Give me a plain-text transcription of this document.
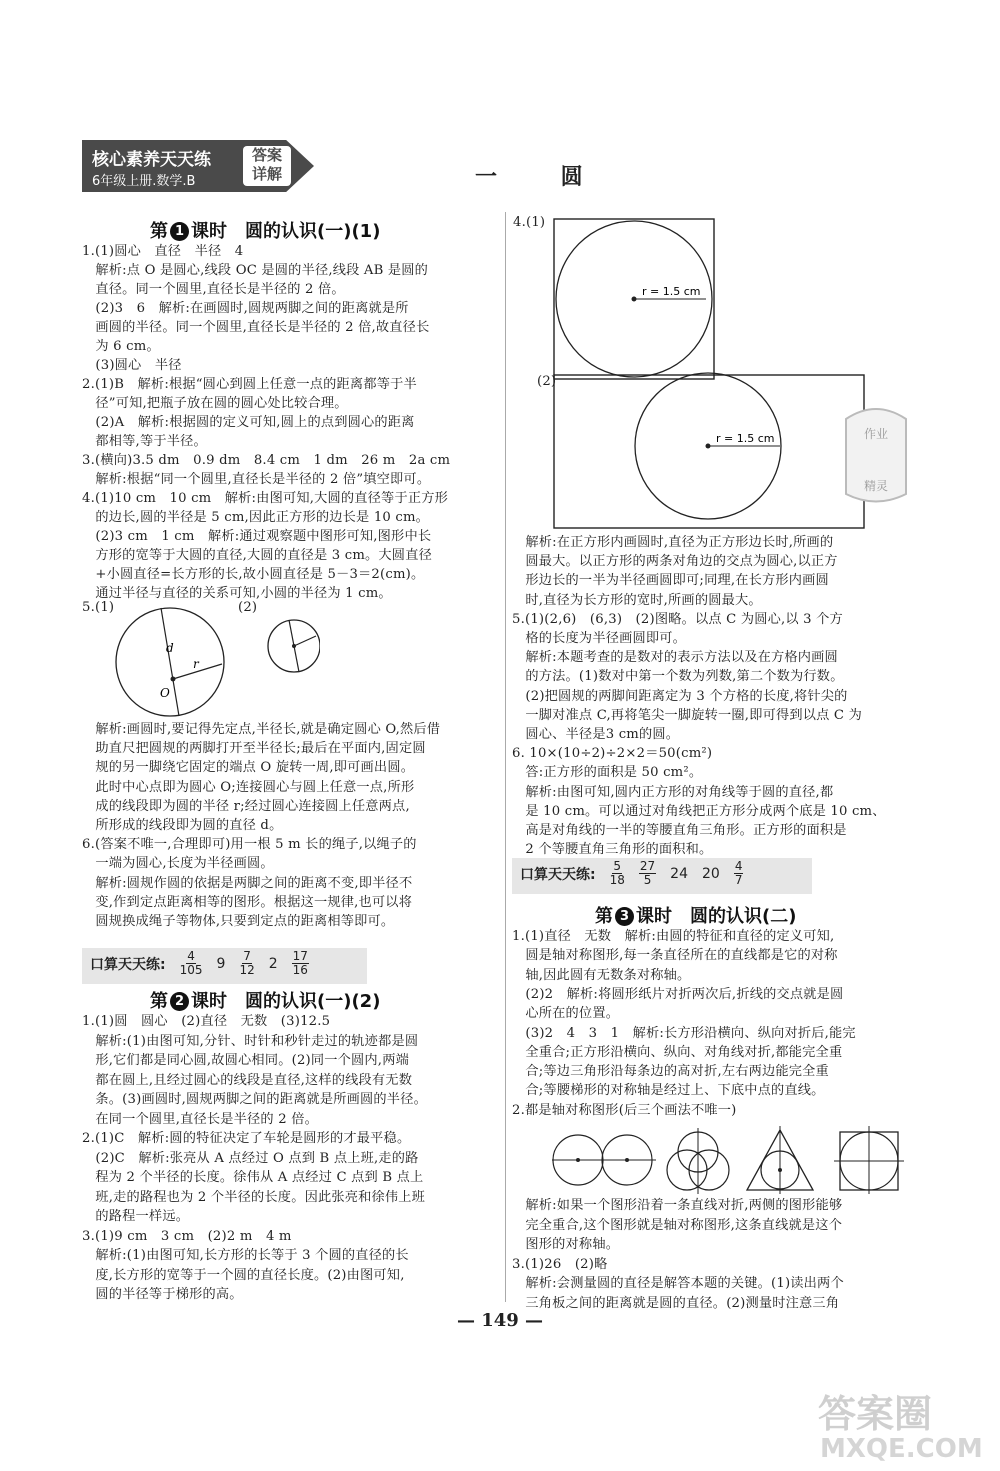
核心素养天天练
6年级上册.数学.B
答案
详解	一 圆
第 1 课时　圆的认识(一)(1)
1.(1)圆心　直径　半径　4
　解析:点 O 是圆心,线段 OC 是圆的半径,线段 AB 是圆的
　直径。同一个圆里,直径长是半径的 2 倍。
　(2)3　6　解析:在画圆时,圆规两脚之间的距离就是所
　画圆的半径。同一个圆里,直径长是半径的 2 倍,故直径长
　为 6 cm。
　(3)圆心　半径
2.(1)B　解析:根据“圆心到圆上任意一点的距离都等于半
　径”可知,把瓶子放在圆的圆心处比较合理。
　(2)A　解析:根据圆的定义可知,圆上的点到圆心的距离
　都相等,等于半径。
3.(横向)3.5 dm　0.9 dm　8.4 cm　1 dm　26 m　2a cm
　解析:根据“同一个圆里,直径长是半径的 2 倍”填空即可。
4.(1)10 cm　10 cm　解析:由图可知,大圆的直径等于正方形
　的边长,圆的半径是 5 cm,因此正方形的边长是 10 cm。
　(2)3 cm　1 cm　解析:通过观察题中图形可知,图形中长
　方形的宽等于大圆的直径,大圆的直径是 3 cm。大圆直径
　+小圆直径=长方形的长,故小圆直径是 5－3＝2(cm)。
　通过半径与直径的关系可知,小圆的半径为 1 cm。
5.(1)	(2)
d
r
O
　解析:画圆时,要记得先定点,半径长,就是确定圆心 O,然后借
　助直尺把圆规的两脚打开至半径长;最后在平面内,固定圆
　规的另一脚绕它固定的端点 O 旋转一周,即可画出圆。
　此时中心点即为圆心 O;连接圆心与圆上任意一点,所形
　成的线段即为圆的半径 r;经过圆心连接圆上任意两点,
　所形成的线段即为圆的直径 d。
6.(答案不唯一,合理即可)用一根 5 m 长的绳子,以绳子的
　一端为圆心,长度为半径画圆。
　解析:圆规作圆的依据是两脚之间的距离不变,即半径不
　变,作到定点距离相等的图形。根据这一规律,也可以将
　圆规换成绳子等物体,只要到定点的距离相等即可。
口算天天练: $\frac{4}{105} 9 \frac{7}{12} 2 \frac{17}{16}$
第 2 课时　圆的认识(一)(2)
1.(1)圆　圆心　(2)直径　无数　(3)12.5
　解析:(1)由图可知,分针、时针和秒针走过的轨迹都是圆
　形,它们都是同心圆,故圆心相同。(2)同一个圆内,两端
　都在圆上,且经过圆心的线段是直径,这样的线段有无数
　条。(3)画圆时,圆规两脚之间的距离就是所画圆的半径。
　在同一个圆里,直径长是半径的 2 倍。
2.(1)C　解析:圆的特征决定了车轮是圆形的才最平稳。
　(2)C　解析:张亮从 A 点经过 O 点到 B 点上班,走的路
　程为 2 个半径的长度。徐伟从 A 点经过 C 点到 B 点上
　班,走的路程也为 2 个半径的长度。因此张亮和徐伟上班
　的路程一样远。
3.(1)9 cm　3 cm　(2)2 m　4 m
　解析:(1)由图可知,长方形的长等于 3 个圆的直径的长
　度,长方形的宽等于一个圆的直径长度。(2)由图可知,
　圆的半径等于梯形的高。
4.(1)
r = 1.5 cm
(2)
r = 1.5 cm	作业
精灵
　解析:在正方形内画圆时,直径为正方形边长时,所画的
　圆最大。以正方形的两条对角边的交点为圆心,以正方
　形边长的一半为半径画圆即可;同理,在长方形内画圆
　时,直径为长方形的宽时,所画的圆最大。
5.(1)(2,6)　(6,3)　(2)图略。以点 C 为圆心,以 3 个方
　格的长度为半径画圆即可。
　解析:本题考查的是数对的表示方法以及在方格内画圆
　的方法。(1)数对中第一个数为列数,第二个数为行数。
　(2)把圆规的两脚间距离定为 3 个方格的长度,将针尖的
　一脚对准点 C,再将笔尖一脚旋转一圈,即可得到以点 C 为
　圆心、半径是3 cm的圆。
6. 10×(10÷2)÷2×2＝50(cm²)
　答:正方形的面积是 50 cm²。
　解析:由图可知,圆内正方形的对角线等于圆的直径,都
　是 10 cm。可以通过对角线把正方形分成两个底是 10 cm、
　高是对角线的一半的等腰直角三角形。正方形的面积是
　2 个等腰直角三角形的面积和。
口算天天练: $\frac{5}{18} \frac{27}{5} 24$ $20 \frac{4}{7}$
第 3 课时　圆的认识(二)
1.(1)直径　无数　解析:由圆的特征和直径的定义可知,
　圆是轴对称图形,每一条直径所在的直线都是它的对称
　轴,因此圆有无数条对称轴。
　(2)2　解析:将圆形纸片对折两次后,折线的交点就是圆
　心所在的位置。
　(3)2　4　3　1　解析:长方形沿横向、纵向对折后,能完
　全重合;正方形沿横向、纵向、对角线对折,都能完全重
　合;等边三角形沿每条边的高对折,左右两边能完全重
　合;等腰梯形的对称轴是经过上、下底中点的直线。
2.都是轴对称图形(后三个画法不唯一)
　解析:如果一个图形沿着一条直线对折,两侧的图形能够
　完全重合,这个图形就是轴对称图形,这条直线就是这个
　图形的对称轴。
3.(1)26　(2)略
　解析:会测量圆的直径是解答本题的关键。(1)读出两个
　三角板之间的距离就是圆的直径。(2)测量时注意三角
— 149 —
答案圈
MXQE.COM
